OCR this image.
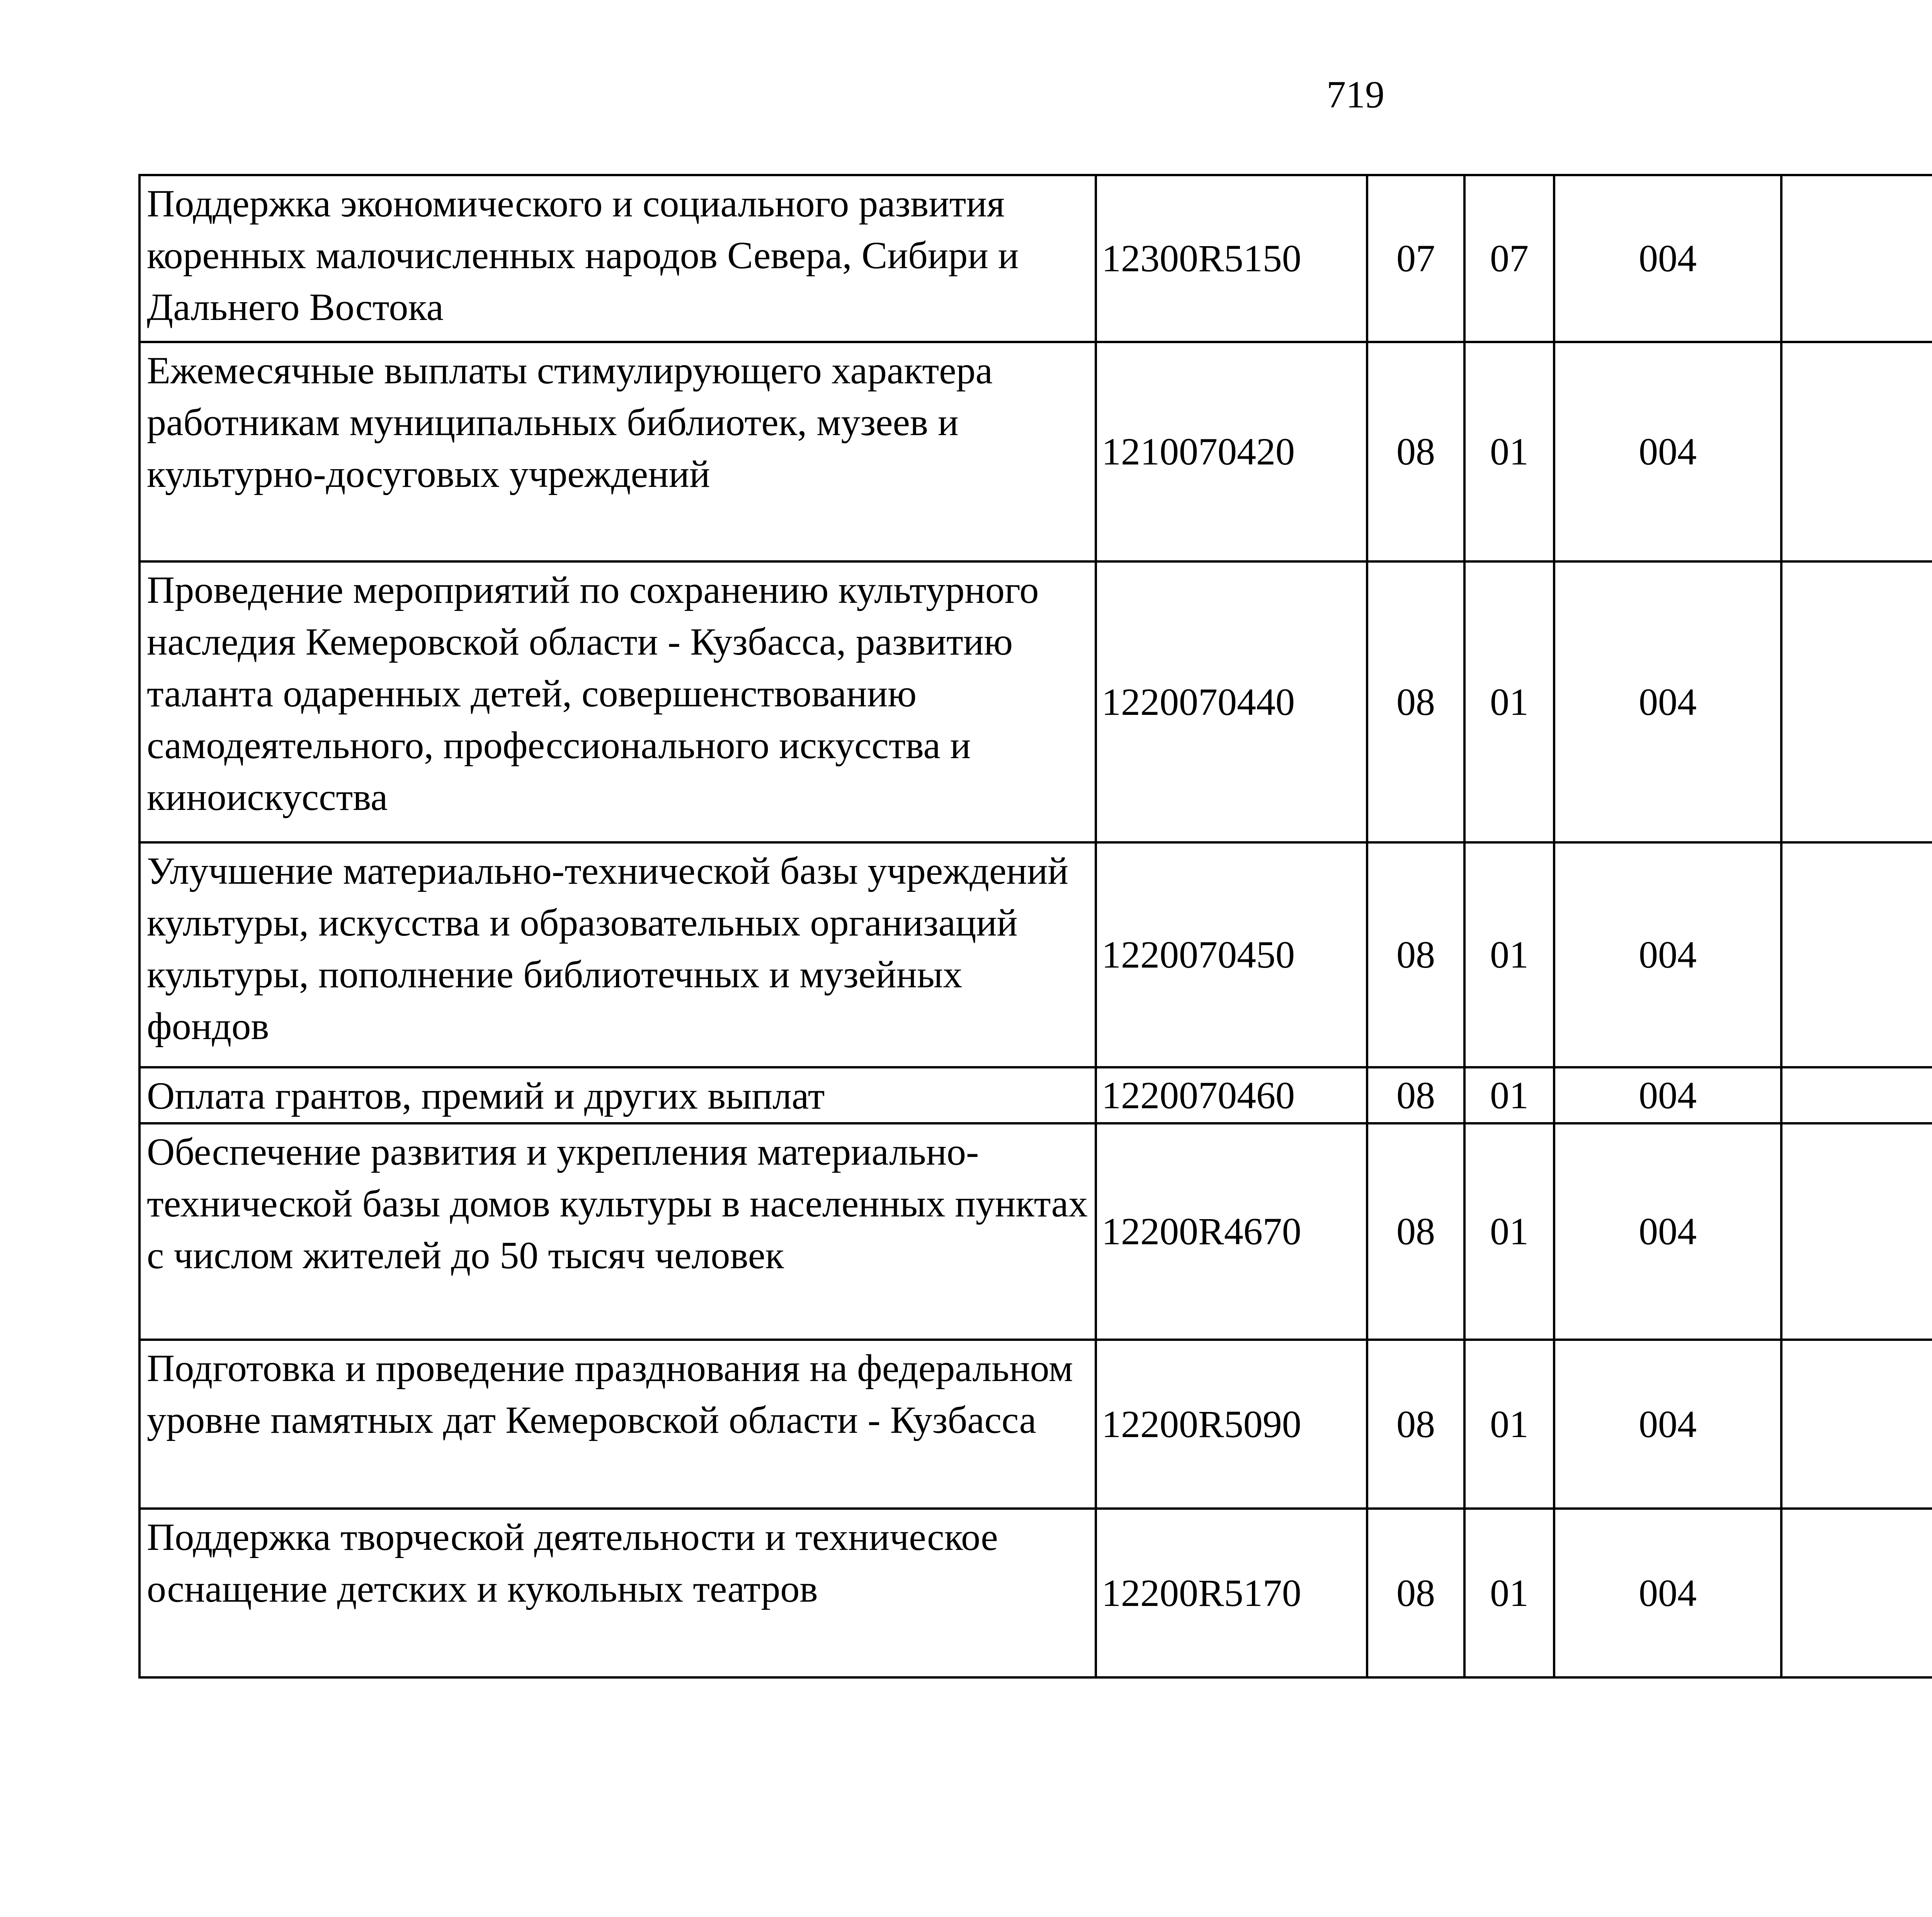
719
Поддержка экономического и социального развития коренных малочисленных народов Севера, Сибири и Дальнего Востока	12300R5150	07	07	004			
Ежемесячные выплаты стимулирующего характера работникам муниципальных библиотек, музеев и культурно-досуговых учреждений	1210070420	08	01	004			
Проведение мероприятий по сохранению культурного наследия Кемеровской области - Кузбасса, развитию таланта одаренных детей, совершенствованию самодеятельного, профессионального искусства и киноискусства	1220070440	08	01	004			
Улучшение материально-технической базы учреждений культуры, искусства и образовательных организаций культуры, пополнение библиотечных и музейных фондов	1220070450	08	01	004			
Оплата грантов, премий и других выплат	1220070460	08	01	004			
Обеспечение развития и укрепления материально-технической базы домов культуры в населенных пунктах с числом жителей до 50 тысяч человек	12200R4670	08	01	004			
Подготовка и проведение празднования на федеральном уровне памятных дат Кемеровской области - Кузбасса	12200R5090	08	01	004			
Поддержка творческой деятельности и техническое оснащение детских и кукольных театров	12200R5170	08	01	004			
